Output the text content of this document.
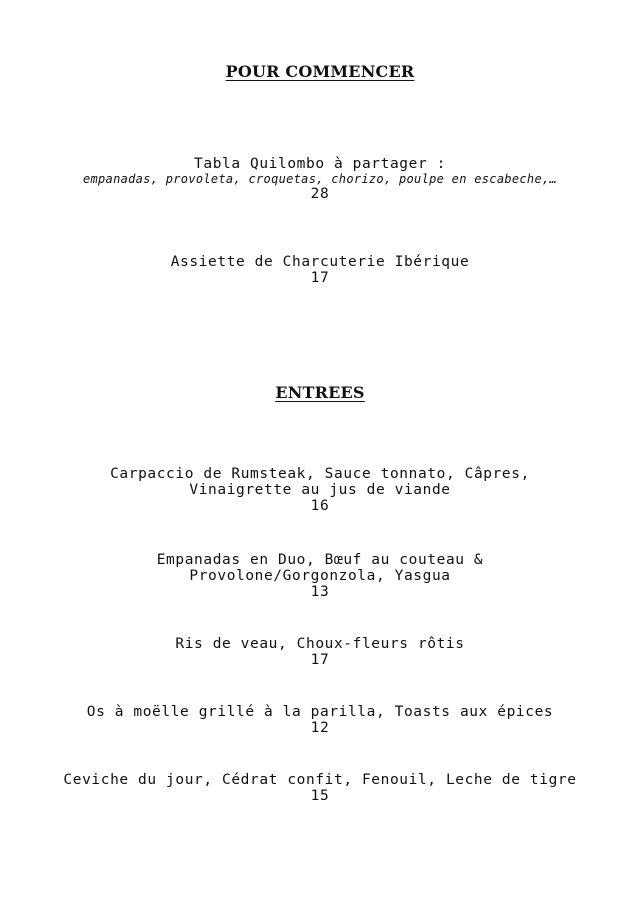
POUR COMMENCER
Tabla Quilombo à partager :
empanadas, provoleta, croquetas, chorizo, poulpe en escabeche,…
28
Assiette de Charcuterie Ibérique
17
ENTREES
Carpaccio de Rumsteak, Sauce tonnato, Câpres, Vinaigrette au jus de viande
16
Empanadas en Duo, Bœuf au couteau & Provolone/Gorgonzola, Yasgua
13
Ris de veau, Choux-fleurs rôtis
17
Os à moëlle grillé à la parilla, Toasts aux épices
12
Ceviche du jour, Cédrat confit, Fenouil, Leche de tigre
15
